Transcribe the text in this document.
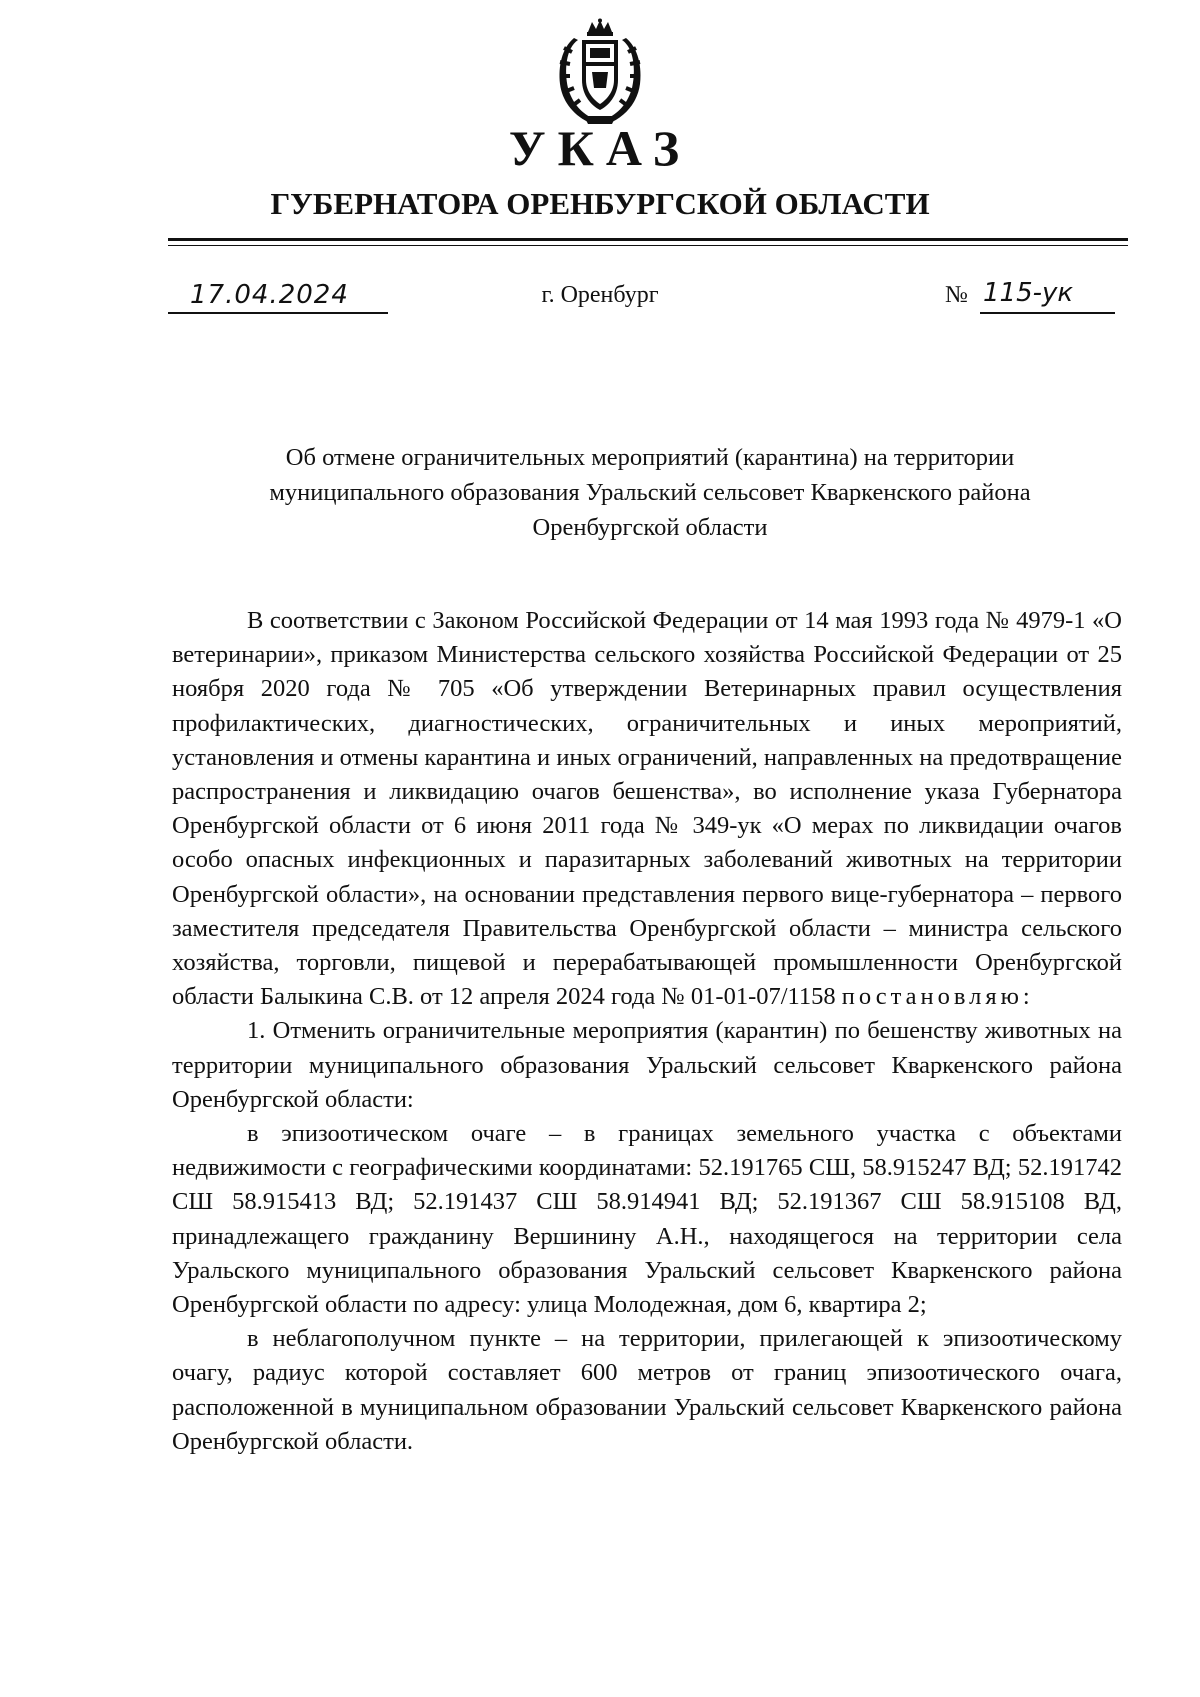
УКАЗ
ГУБЕРНАТОРА ОРЕНБУРГСКОЙ ОБЛАСТИ
17.04.2024	г. Оренбург	№ 115-ук
Об отмене ограничительных мероприятий (карантина) на территории
муниципального образования Уральский сельсовет Кваркенского района
Оренбургской области

В соответствии с Законом Российской Федерации от 14 мая 1993 года № 4979-1 «О ветеринарии», приказом Министерства сельского хозяйства Российской Федерации от 25 ноября 2020 года № 705 «Об утверждении Ветеринарных правил осуществления профилактических, диагностических, ограничительных и иных мероприятий, установления и отмены карантина и иных ограничений, направленных на предотвращение распространения и ликвидацию очагов бешенства», во исполнение указа Губернатора Оренбургской области от 6 июня 2011 года № 349-ук «О мерах по ликвидации очагов особо опасных инфекционных и паразитарных заболеваний животных на территории Оренбургской области», на основании представления первого вице-губернатора – первого заместителя председателя Правительства Оренбургской области – министра сельского хозяйства, торговли, пищевой и перерабатывающей промышленности Оренбургской области Балыкина С.В. от 12 апреля 2024 года № 01-01-07/1158 постановляю:

1. Отменить ограничительные мероприятия (карантин) по бешенству животных на территории муниципального образования Уральский сельсовет Кваркенского района Оренбургской области:

в эпизоотическом очаге – в границах земельного участка с объектами недвижимости с географическими координатами: 52.191765 СШ, 58.915247 ВД; 52.191742 СШ 58.915413 ВД; 52.191437 СШ 58.914941 ВД; 52.191367 СШ 58.915108 ВД, принадлежащего гражданину Вершинину А.Н., находящегося на территории села Уральского муниципального образования Уральский сельсовет Кваркенского района Оренбургской области по адресу: улица Молодежная, дом 6, квартира 2;

в неблагополучном пункте – на территории, прилегающей к эпизоотическому очагу, радиус которой составляет 600 метров от границ эпизоотического очага, расположенной в муниципальном образовании Уральский сельсовет Кваркенского района Оренбургской области.
